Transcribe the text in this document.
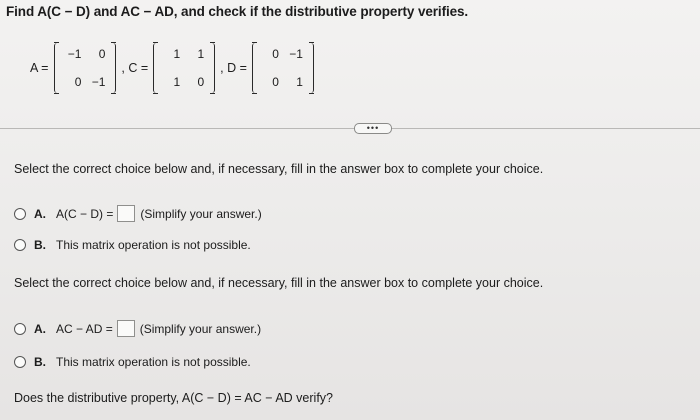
Find A(C − D) and AC − AD, and check if the distributive property verifies.
A =
−1	0
0 −1
, C =
1	1
1	0
, D =
0 −1
0	1
•••
Select the correct choice below and, if necessary, fill in the answer box to complete your choice.
A. A(C − D) = (Simplify your answer.)
B. This matrix operation is not possible.
Select the correct choice below and, if necessary, fill in the answer box to complete your choice.
A. AC − AD = (Simplify your answer.)
B. This matrix operation is not possible.
Does the distributive property, A(C − D) = AC − AD verify?
